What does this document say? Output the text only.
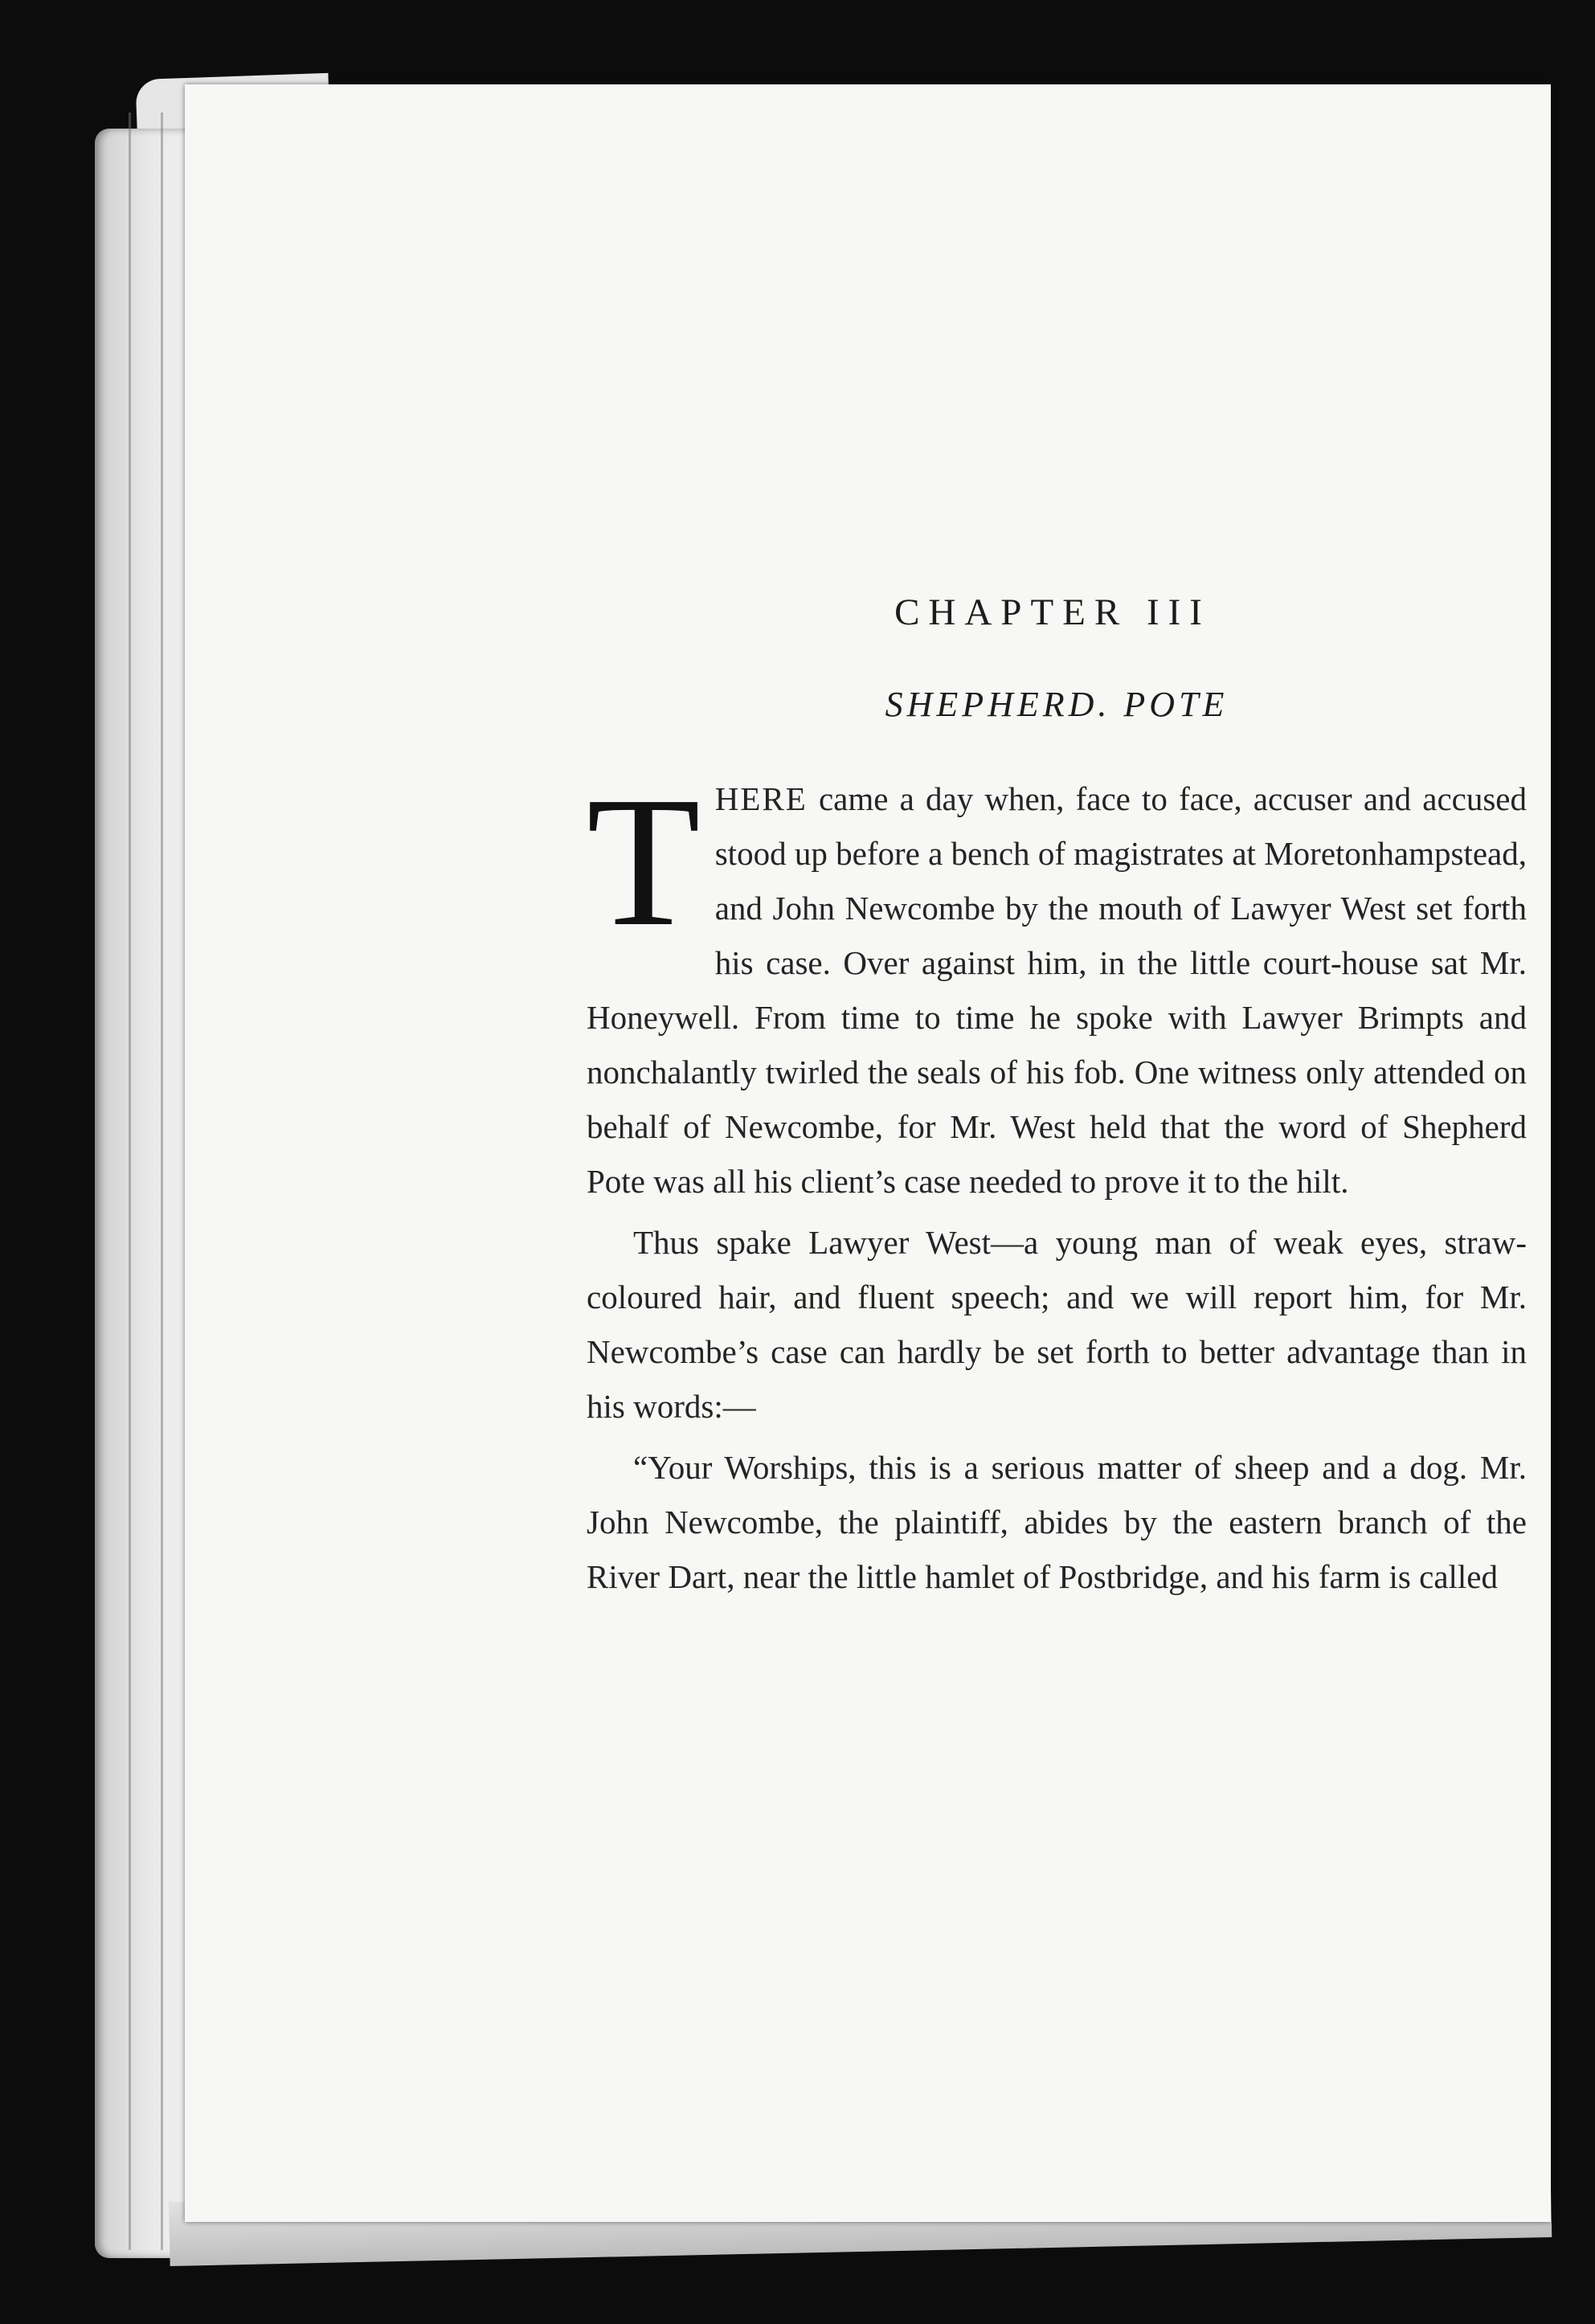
CHAPTER III
SHEPHERD. POTE

THERE came a day when, face to face, accuser and accused stood up before a bench of magistrates at Moretonhampstead, and John Newcombe by the mouth of Lawyer West set forth his case. Over against him, in the little court-house sat Mr. Honeywell. From time to time he spoke with Lawyer Brimpts and nonchalantly twirled the seals of his fob. One witness only attended on behalf of Newcombe, for Mr. West held that the word of Shepherd Pote was all his client’s case needed to prove it to the hilt.

Thus spake Lawyer West—a young man of weak eyes, straw-coloured hair, and fluent speech; and we will report him, for Mr. Newcombe’s case can hardly be set forth to better advantage than in his words:—

“Your Worships, this is a serious matter of sheep and a dog. Mr. John Newcombe, the plaintiff, abides by the eastern branch of the River Dart, near the little hamlet of Postbridge, and his farm is called
